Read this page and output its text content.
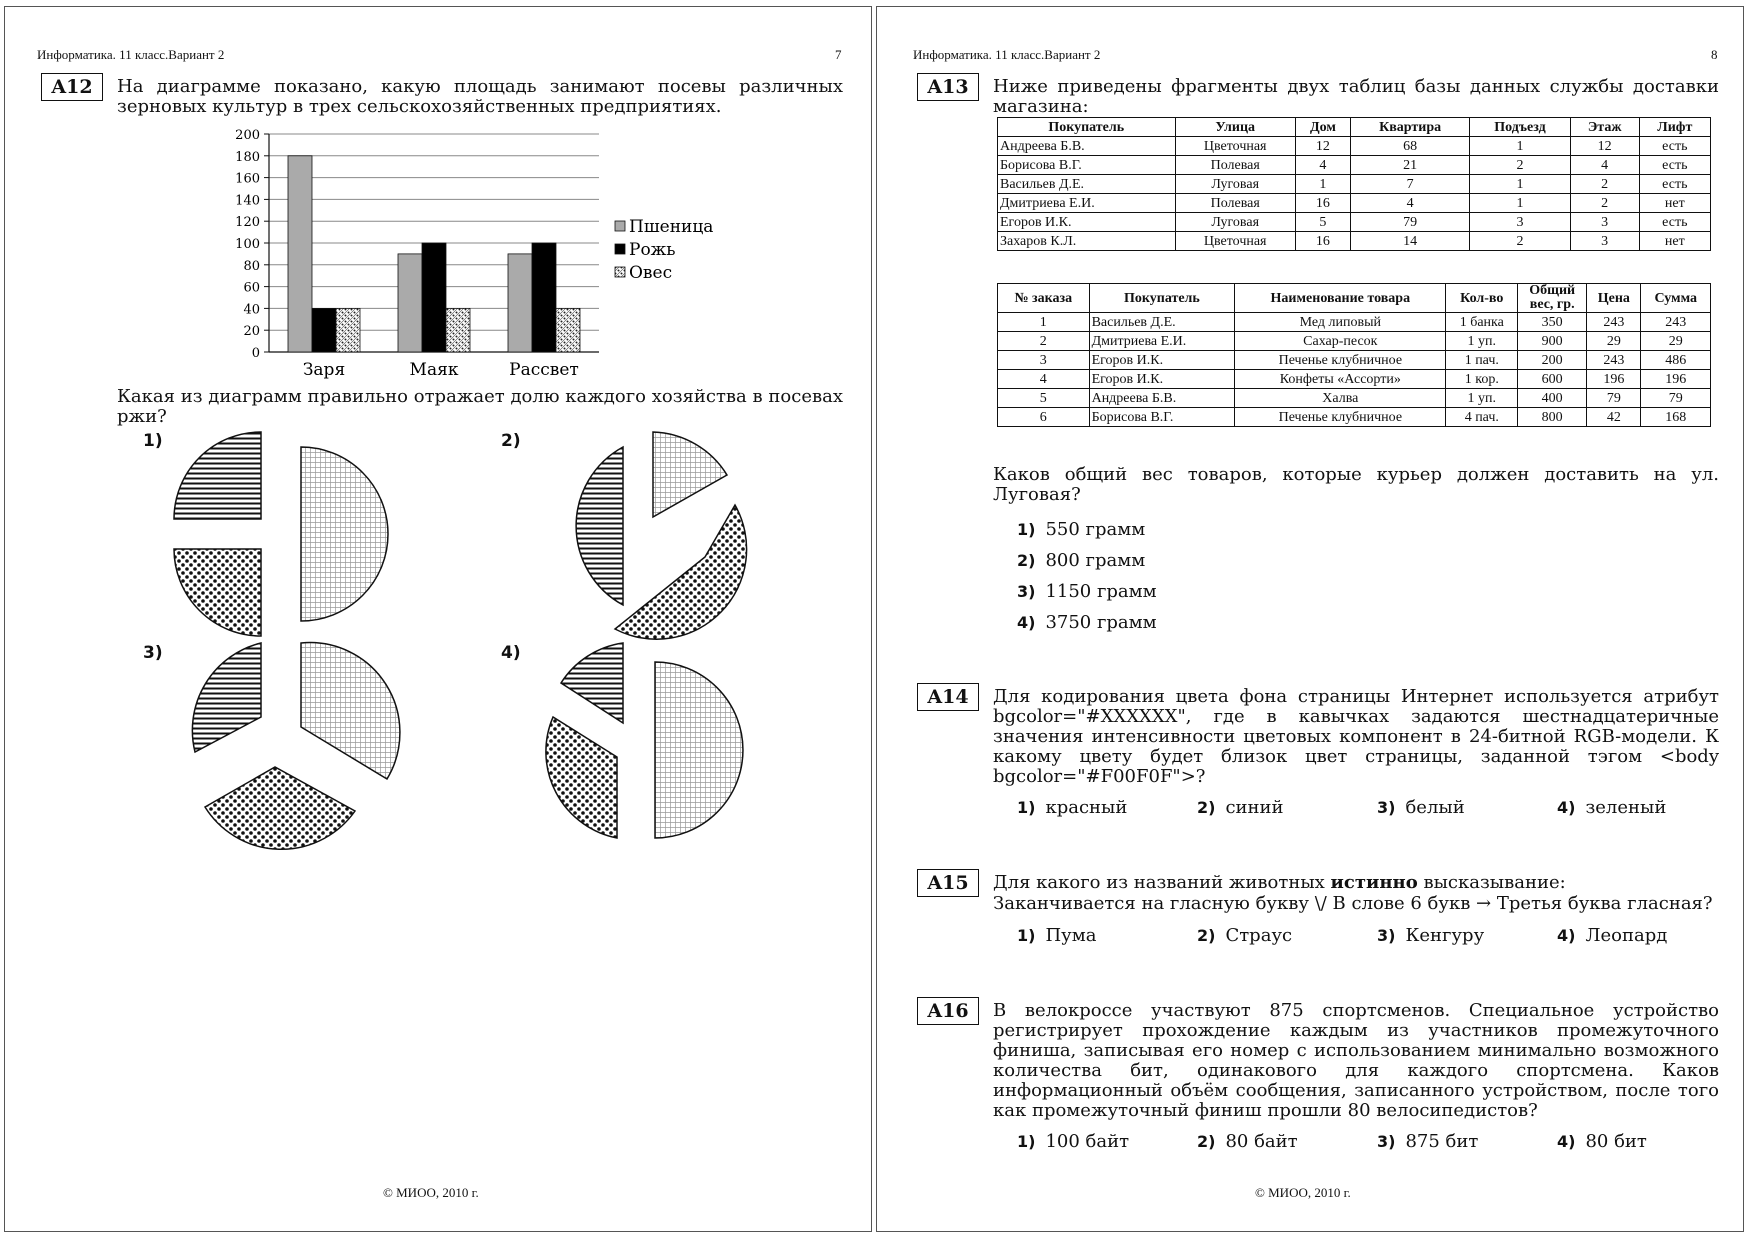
Информатика. 11 класс.Вариант 2	7
A12	На диаграмме показано, какую площадь занимают посевы различных зерновых культур в трех сельскохозяйственных предприятиях.
0
20
40
60
80
100
120
140
160
180
200
Заря	Маяк	Рассвет
Пшеница
Рожь
Овес
Какая из диаграмм правильно отражает долю каждого хозяйства в посевах ржи?
1)	2)
3)	4)
© МИОО, 2010 г.
Информатика. 11 класс.Вариант 2	8
A13	Ниже приведены фрагменты двух таблиц базы данных службы доставки магазина:
Покупатель	Улица	Дом	Квартира	Подъезд	Этаж	Лифт
Андреева Б.В.	Цветочная	12	68	1	12	есть
Борисова В.Г.	Полевая	4	21	2	4	есть
Васильев Д.Е.	Луговая	1	7	1	2	есть
Дмитриева Е.И.	Полевая	16	4	1	2	нет
Егоров И.К.	Луговая	5	79	3	3	есть
Захаров К.Л.	Цветочная	16	14	2	3	нет
№ заказа	Покупатель	Наименование товара	Кол-во	Общий вес, гр.	Цена	Сумма
1	Васильев Д.Е.	Мед липовый	1 банка	350	243	243
2	Дмитриева Е.И.	Сахар-песок	1 уп.	900	29	29
3	Егоров И.К.	Печенье клубничное	1 пач.	200	243	486
4	Егоров И.К.	Конфеты «Ассорти»	1 кор.	600	196	196
5	Андреева Б.В.	Халва	1 уп.	400	79	79
6	Борисова В.Г.	Печенье клубничное	4 пач.	800	42	168
Каков общий вес товаров, которые курьер должен доставить на ул. Луговая?
1) 550 грамм
2) 800 грамм
3) 1150 грамм
4) 3750 грамм
A14	Для кодирования цвета фона страницы Интернет используется атрибут bgcolor="#XXXXXX", где в кавычках задаются шестнадцатеричные значения интенсивности цветовых компонент в 24-битной RGB-модели. К какому цвету будет близок цвет страницы, заданной тэгом <body bgcolor="#F00F0F">?
1) красный	2) синий	3) белый	4) зеленый
A15	Для какого из названий животных истинно высказывание:
Заканчивается на гласную букву \/ В слове 6 букв → Третья буква гласная?
1) Пума	2) Страус	3) Кенгуру	4) Леопард
A16	В велокроссе участвуют 875 спортсменов. Специальное устройство регистрирует прохождение каждым из участников промежуточного финиша, записывая его номер с использованием минимально возможного количества бит, одинакового для каждого спортсмена. Каков информационный объём сообщения, записанного устройством, после того как промежуточный финиш прошли 80 велосипедистов?
1) 100 байт	2) 80 байт	3) 875 бит	4) 80 бит
© МИОО, 2010 г.
